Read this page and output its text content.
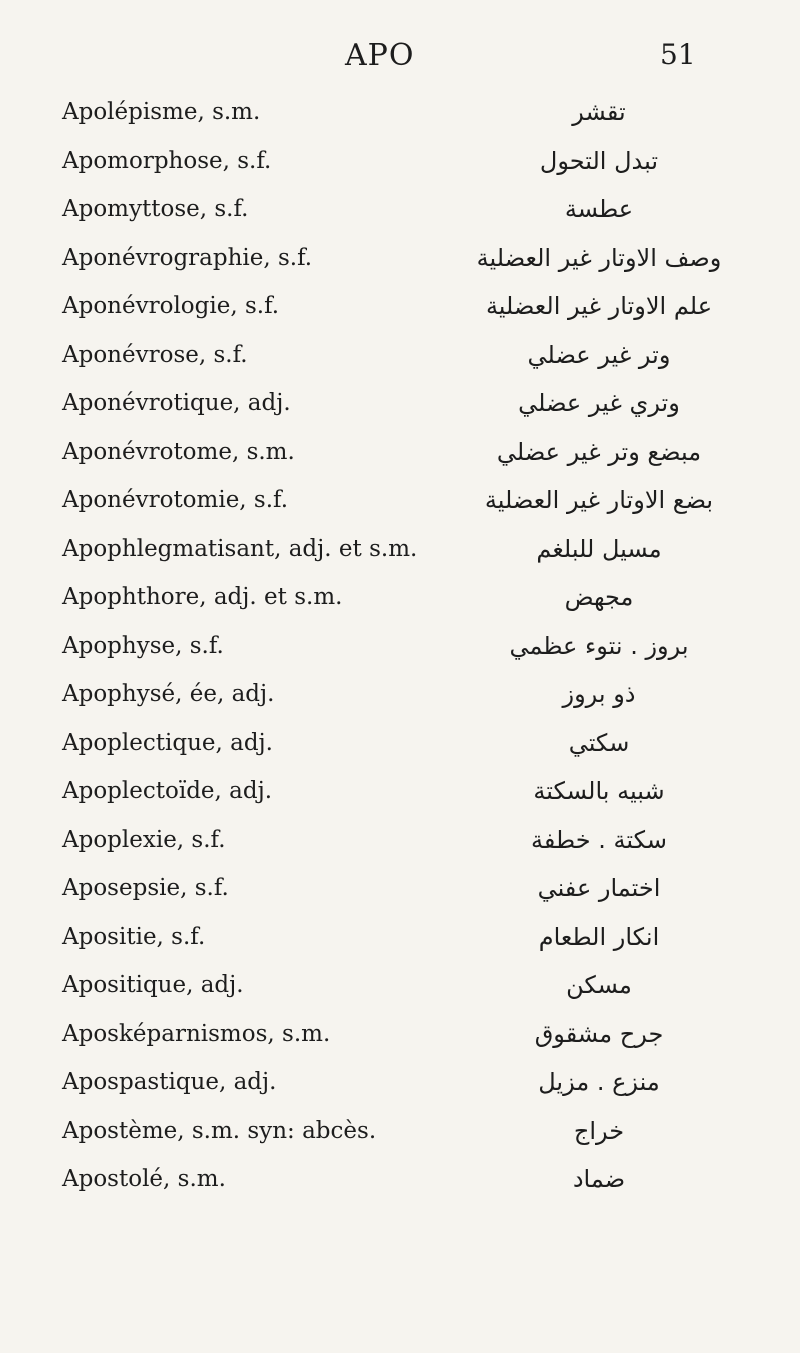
APO	51
Apolépisme, s.m.	تقشر
Apomorphose, s.f.	تبدل التحول
Apomyttose, s.f.	عطسة
Aponévrographie, s.f.	وصف الاوتار غير العضلية
Aponévrologie, s.f.	علم الاوتار غير العضلية
Aponévrose, s.f.	وتر غير عضلي
Aponévrotique, adj.	وتري غير عضلي
Aponévrotome, s.m.	مبضع وتر غير عضلي
Aponévrotomie, s.f.	بضع الاوتار غير العضلية
Apophlegmatisant, adj. et s.m.	مسيل للبلغم
Apophthore, adj. et s.m.	مجهض
Apophyse, s.f.	بروز . نتوء عظمي
Apophysé, ée, adj.	ذو بروز
Apoplectique, adj.	سكتي
Apoplectoïde, adj.	شبيه بالسكتة
Apoplexie, s.f.	سكتة . خطفة
Aposepsie, s.f.	اختمار عفني
Apositie, s.f.	انكار الطعام
Apositique, adj.	مسكن
Aposképarnismos, s.m.	جرح مشقوق
Apospastique, adj.	منزع . مزيل
Apostème, s.m. syn: abcès.	خراج
Apostolé, s.m.	ضماد
